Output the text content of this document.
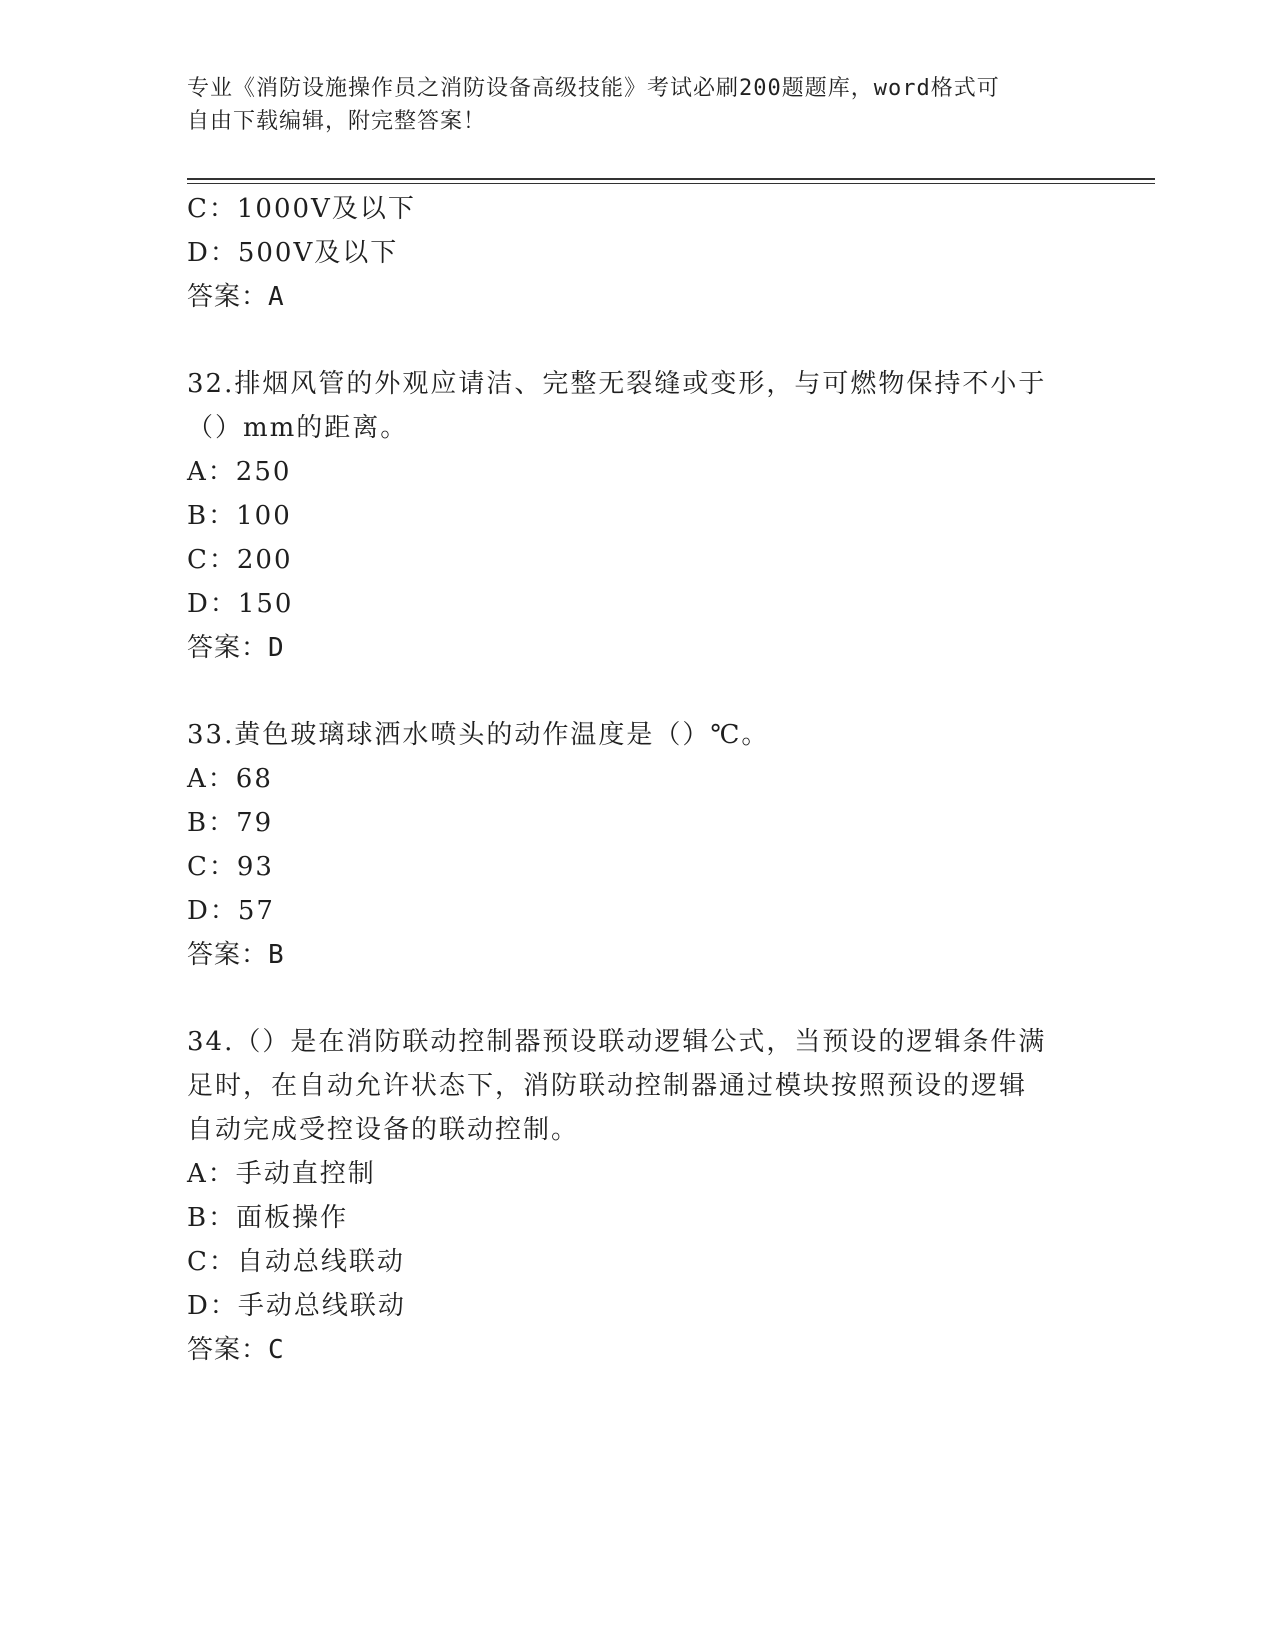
专业《消防设施操作员之消防设备高级技能》考试必刷200题题库，word格式可
自由下载编辑，附完整答案！
C：1000V及以下
D：500V及以下
答案：A
32.排烟风管的外观应请洁、完整无裂缝或变形，与可燃物保持不小于
（）mm的距离。
A：250
B：100
C：200
D：150
答案：D
33.黄色玻璃球洒水喷头的动作温度是（）℃。
A：68
B：79
C：93
D：57
答案：B
34.（）是在消防联动控制器预设联动逻辑公式，当预设的逻辑条件满
足时，在自动允许状态下，消防联动控制器通过模块按照预设的逻辑
自动完成受控设备的联动控制。
A：手动直控制
B：面板操作
C：自动总线联动
D：手动总线联动
答案：C
